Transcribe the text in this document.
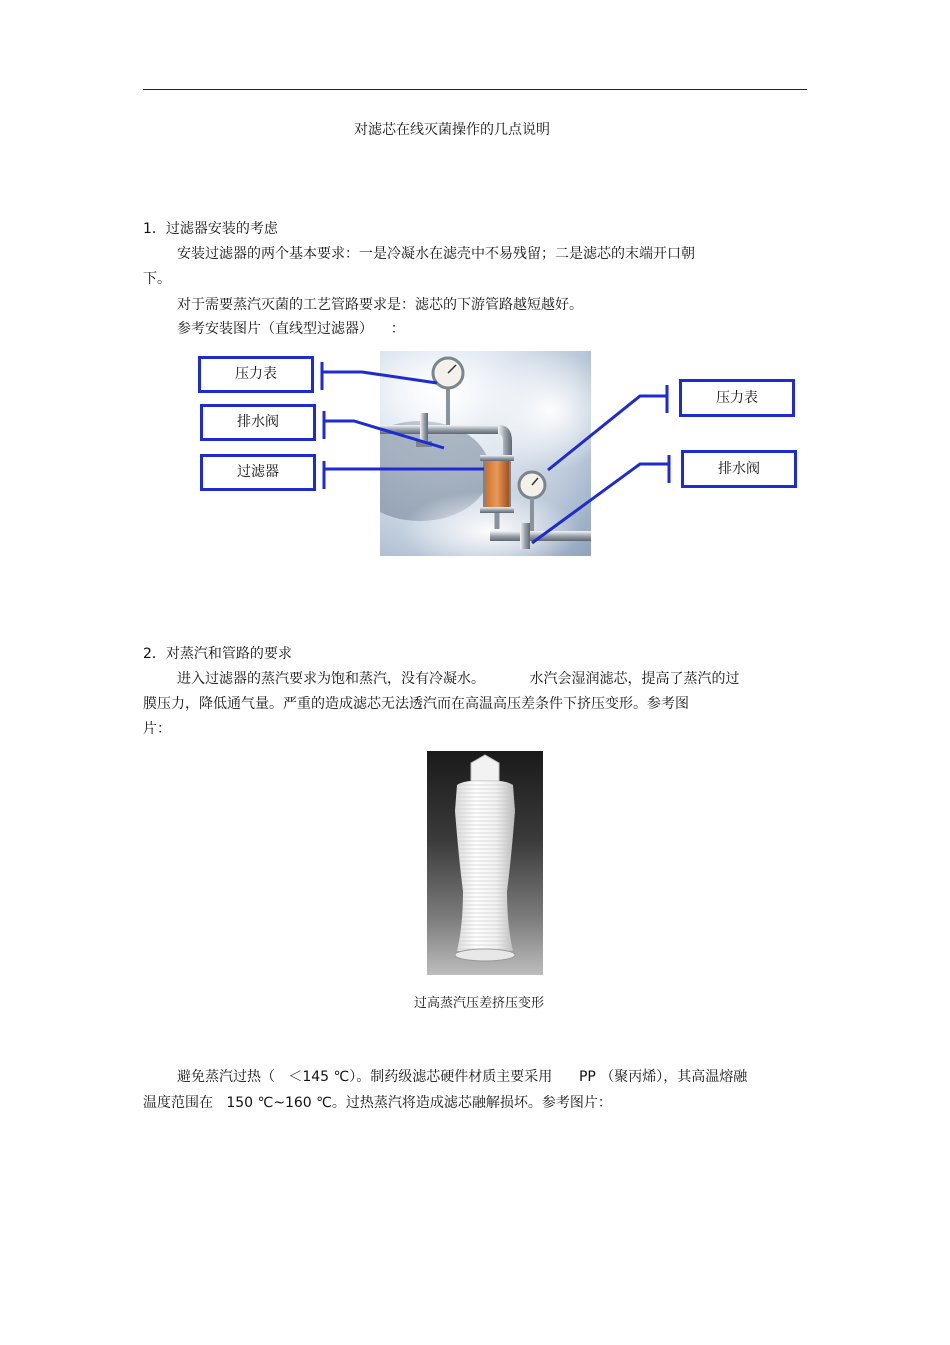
对滤芯在线灭菌操作的几点说明
1．过滤器安装的考虑
安装过滤器的两个基本要求：一是冷凝水在滤壳中不易残留；二是滤芯的末端开口朝
下。
对于需要蒸汽灭菌的工艺管路要求是：滤芯的下游管路越短越好。
参考安装图片（直线型过滤器）    ：
压力表
排水阀
过滤器
压力表
排水阀
2．对蒸汽和管路的要求
进入过滤器的蒸汽要求为饱和蒸汽，没有冷凝水。          水汽会湿润滤芯，提高了蒸汽的过
膜压力，降低通气量。严重的造成滤芯无法透汽而在高温高压差条件下挤压变形。参考图
片：
过高蒸汽压差挤压变形
避免蒸汽过热（   ＜145 ℃）。制药级滤芯硬件材质主要采用      PP （聚丙烯），其高温熔融
温度范围在   150 ℃~160 ℃。过热蒸汽将造成滤芯融解损坏。参考图片：
